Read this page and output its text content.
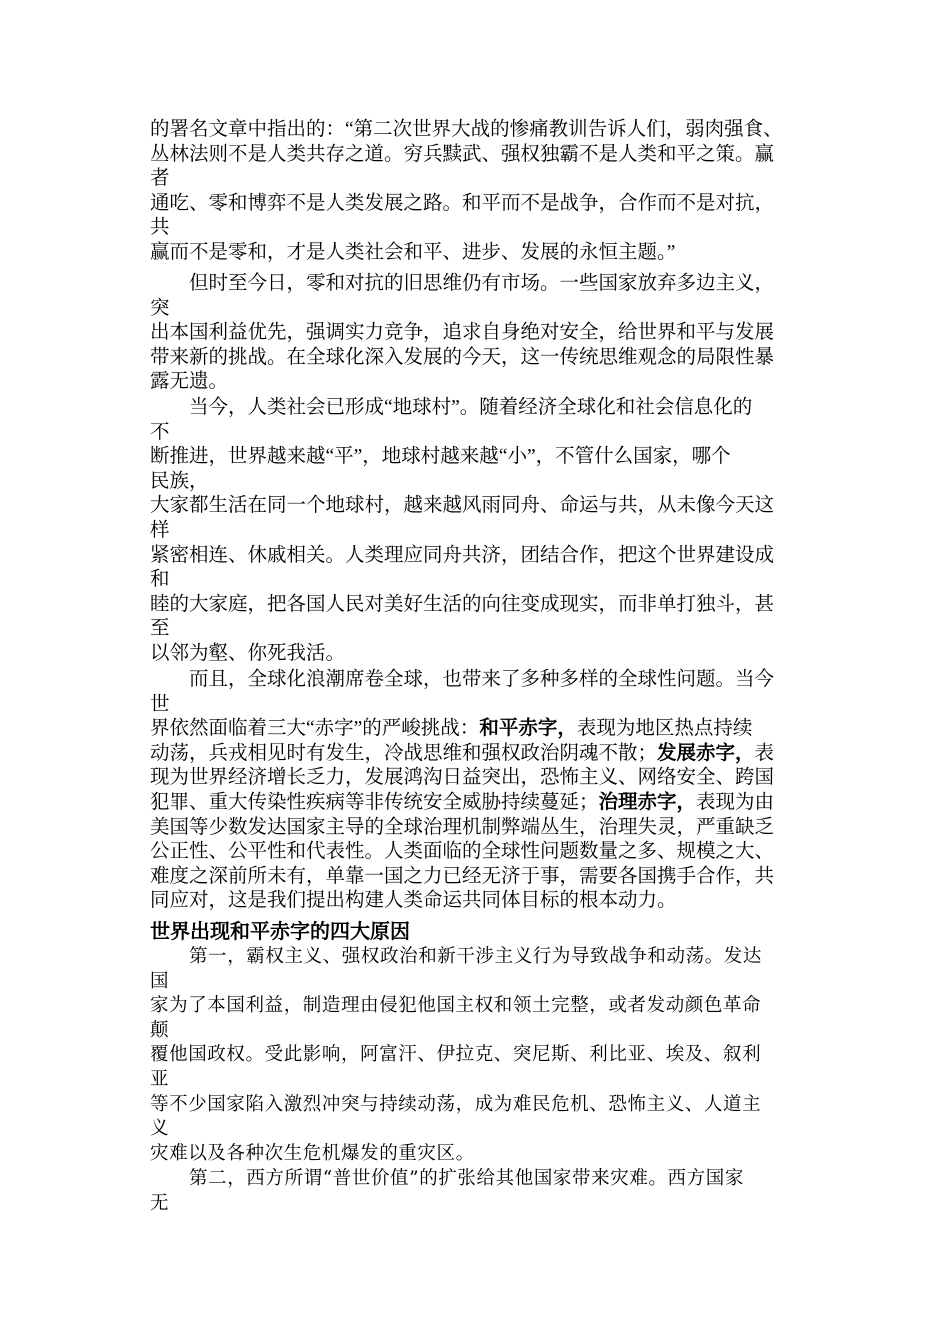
的署名文章中指出的：“第二次世界大战的惨痛教训告诉人们，弱肉强食、
丛林法则不是人类共存之道。穷兵黩武、强权独霸不是人类和平之策。赢
者
通吃、零和博弈不是人类发展之路。和平而不是战争，合作而不是对抗，
共
赢而不是零和，才是人类社会和平、进步、发展的永恒主题。”
但时至今日，零和对抗的旧思维仍有市场。一些国家放弃多边主义，
突
出本国利益优先，强调实力竞争，追求自身绝对安全，给世界和平与发展
带来新的挑战。在全球化深入发展的今天，这一传统思维观念的局限性暴
露无遗。
当今，人类社会已形成“地球村”。随着经济全球化和社会信息化的
不
断推进，世界越来越“平”，地球村越来越“小”，不管什么国家，哪个
民族，
大家都生活在同一个地球村，越来越风雨同舟、命运与共，从未像今天这
样
紧密相连、休戚相关。人类理应同舟共济，团结合作，把这个世界建设成
和
睦的大家庭，把各国人民对美好生活的向往变成现实，而非单打独斗，甚
至
以邻为壑、你死我活。
而且，全球化浪潮席卷全球，也带来了多种多样的全球性问题。当今
世
界依然面临着三大“赤字”的严峻挑战：和平赤字，表现为地区热点持续
动荡，兵戎相见时有发生，冷战思维和强权政治阴魂不散；发展赤字，表
现为世界经济增长乏力，发展鸿沟日益突出，恐怖主义、网络安全、跨国
犯罪、重大传染性疾病等非传统安全威胁持续蔓延；治理赤字，表现为由
美国等少数发达国家主导的全球治理机制弊端丛生，治理失灵，严重缺乏
公正性、公平性和代表性。人类面临的全球性问题数量之多、规模之大、
难度之深前所未有，单靠一国之力已经无济于事，需要各国携手合作，共
同应对，这是我们提出构建人类命运共同体目标的根本动力。
世界出现和平赤字的四大原因
第一，霸权主义、强权政治和新干涉主义行为导致战争和动荡。发达
国
家为了本国利益，制造理由侵犯他国主权和领土完整，或者发动颜色革命
颠
覆他国政权。受此影响，阿富汗、伊拉克、突尼斯、利比亚、埃及、叙利
亚
等不少国家陷入激烈冲突与持续动荡，成为难民危机、恐怖主义、人道主
义
灾难以及各种次生危机爆发的重灾区。
第二，西方所谓“普世价值”的扩张给其他国家带来灾难。西方国家
无
